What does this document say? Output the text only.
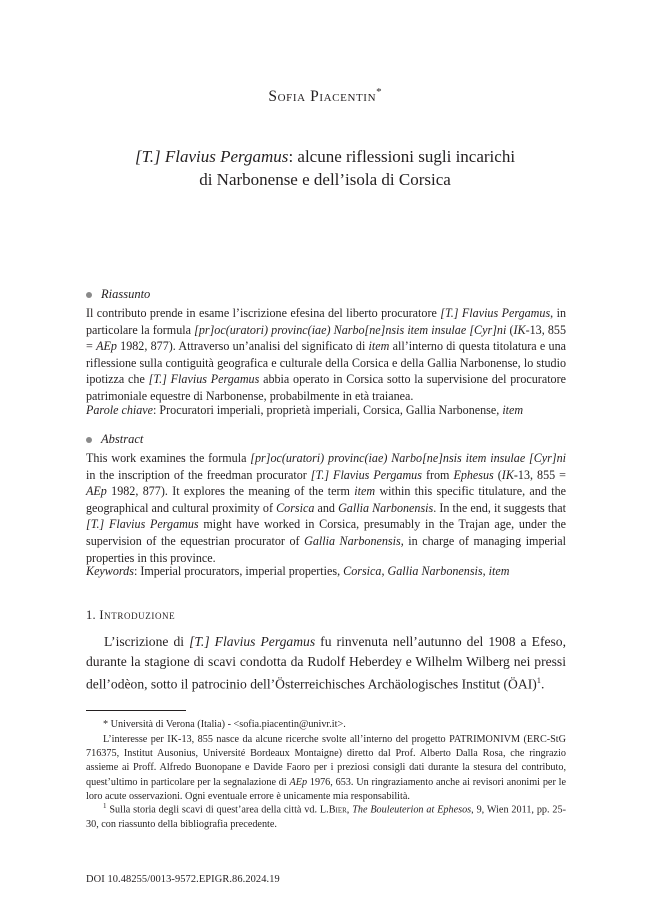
Sofia Piacentin*
[T.] Flavius Pergamus: alcune riflessioni sugli incarichi
di Narbonense e dell’isola di Corsica
Riassunto
Il contributo prende in esame l’iscrizione efesina del liberto procuratore [T.] Flavius Pergamus, in particolare la formula [pr]oc(uratori) provinc(iae) Narbo[ne]nsis item insulae [Cyr]ni (IK-13, 855 = AEp 1982, 877). Attraverso un’analisi del significato di item all’interno di questa titolatura e una riflessione sulla contiguità geografica e culturale della Corsica e della Gallia Narbonense, lo studio ipotizza che [T.] Flavius Pergamus abbia operato in Corsica sotto la supervisione del procuratore patrimoniale equestre di Narbonense, probabilmente in età traianea.
Parole chiave: Procuratori imperiali, proprietà imperiali, Corsica, Gallia Narbonense, item
Abstract
This work examines the formula [pr]oc(uratori) provinc(iae) Narbo[ne]nsis item insulae [Cyr]ni in the inscription of the freedman procurator [T.] Flavius Pergamus from Ephesus (IK-13, 855 = AEp 1982, 877). It explores the meaning of the term item within this specific titulature, and the geographical and cultural proximity of Corsica and Gallia Narbonensis. In the end, it suggests that [T.] Flavius Pergamus might have worked in Corsica, presumably in the Trajan age, under the supervision of the equestrian procurator of Gallia Narbonensis, in charge of managing imperial properties in this province.
Keywords: Imperial procurators, imperial properties, Corsica, Gallia Narbonensis, item
1. Introduzione
L’iscrizione di [T.] Flavius Pergamus fu rinvenuta nell’autunno del 1908 a Efeso, durante la stagione di scavi condotta da Rudolf Heberdey e Wilhelm Wilberg nei pressi dell’odèon, sotto il patrocinio dell’Österreichisches Archäologisches Institut (ÖAI)$^1$.
* Università di Verona (Italia) - <sofia.piacentin@univr.it>.
L’interesse per IK-13, 855 nasce da alcune ricerche svolte all’interno del progetto PATRIMONIVM (ERC-StG 716375, Institut Ausonius, Université Bordeaux Montaigne) diretto dal Prof. Alberto Dalla Rosa, che ringrazio assieme ai Proff. Alfredo Buonopane e Davide Faoro per i preziosi consigli dati durante la stesura del contributo, quest’ultimo in particolare per la segnalazione di AEp 1976, 653. Un ringraziamento anche ai revisori anonimi per le loro acute osservazioni. Ogni eventuale errore è unicamente mia responsabilità.
$^1$ Sulla storia degli scavi di quest’area della città vd. L.Bier, The Bouleuterion at Ephesos, 9, Wien 2011, pp. 25-30, con riassunto della bibliografia precedente.
DOI 10.48255/0013-9572.EPIGR.86.2024.19
